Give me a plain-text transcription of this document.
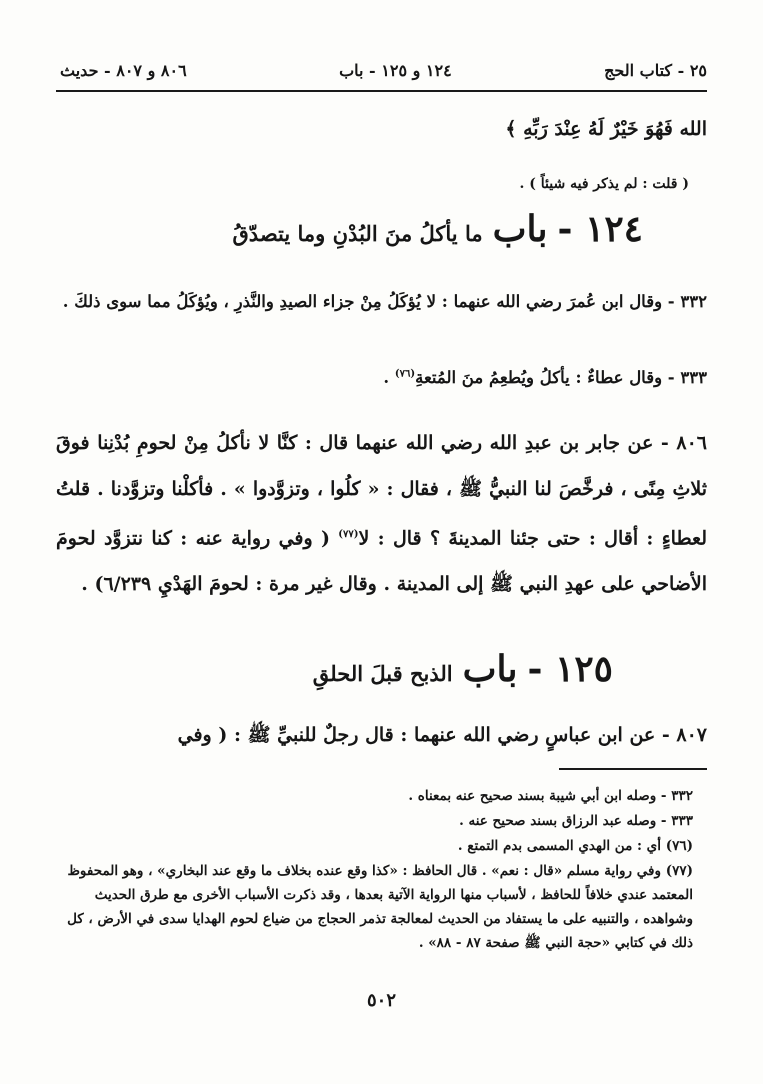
٢٥ - كتاب الحج
١٢٤ و ١٢٥ - باب
٨٠٦ و ٨٠٧ - حديث
الله فَهُوَ خَيْرٌ لَهُ عِنْدَ رَبِّهِ ﴾
( قلت : لم يذكر فيه شيئاً ) .
١٢٤ -
باب
ما يأكلُ منَ البُدْنِ وما يتصدّقُ
٣٣٢ - وقال ابن عُمرَ رضي الله عنهما : لا يُؤكَلُ مِنْ جزاء الصيدِ والنَّذرِ ، ويُؤكَلُ مما سوى ذلكَ .
٣٣٣ - وقال عطاءٌ : يأكلُ ويُطعِمُ منَ المُتعةِ$^{(٧٦)}$ .
٨٠٦ - عن جابر بن عبدِ الله رضي الله عنهما قال : كنَّا لا نأكلُ مِنْ لحومِ بُدْنِنا فوقَ ثلاثِ مِنًى ، فرخَّصَ لنا النبيُّ ﷺ ، فقال : « كلُوا ، وتزوَّدوا » . فأكلْنا وتزوَّدنا . قلتُ لعطاءٍ : أقال : حتى جئنا المدينةَ ؟ قال : لا$^{(٧٧)}$ ( وفي رواية عنه : كنا نتزوَّد لحومَ الأضاحي على عهدِ النبي ﷺ إلى المدينة . وقال غير مرة : لحومَ الهَدْيِ ٦/٢٣٩) .
١٢٥ -
باب
الذبح قبلَ الحلقِ
٨٠٧ - عن ابن عباسٍ رضي الله عنهما : قال رجلٌ للنبيِّ ﷺ : ( وفي

٣٣٢ - وصله ابن أبي شيبة بسند صحيح عنه بمعناه .

٣٣٣ - وصله عبد الرزاق بسند صحيح عنه .

(٧٦) أي : من الهدي المسمى بدم التمتع .

(٧٧) وفي رواية مسلم «قال : نعم» . قال الحافظ : «كذا وقع عنده بخلاف ما وقع عند البخاري» ، وهو المحفوظ المعتمد عندي خلافاً للحافظ ، لأسباب منها الرواية الآتية بعدها ، وقد ذكرت الأسباب الأخرى مع طرق الحديث وشواهده ، والتنبيه على ما يستفاد من الحديث لمعالجة تذمر الحجاج من ضياع لحوم الهدايا سدى في الأرض ، كل ذلك في كتابي «حجة النبي ﷺ صفحة ٨٧ - ٨٨» .

٥٠٢
